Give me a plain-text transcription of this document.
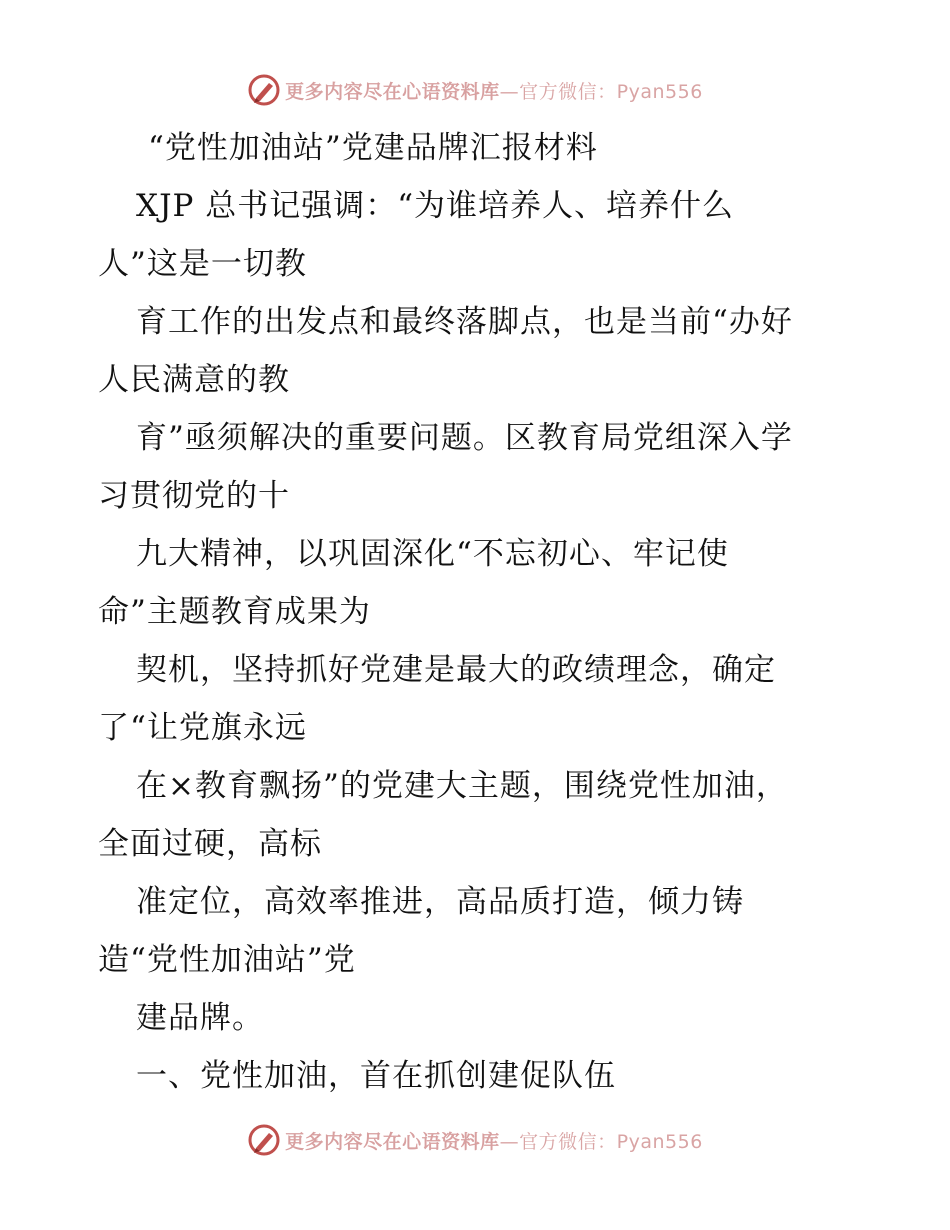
更多内容尽在心语资料库—官方微信：Pyan556
“党性加油站”党建品牌汇报材料
XJP 总书记强调：“为谁培养人、培养什么
人”这是一切教
育工作的出发点和最终落脚点，也是当前“办好
人民满意的教
育”亟须解决的重要问题。区教育局党组深入学
习贯彻党的十
九大精神，以巩固深化“不忘初心、牢记使
命”主题教育成果为
契机，坚持抓好党建是最大的政绩理念，确定
了“让党旗永远
在×教育飘扬”的党建大主题，围绕党性加油，
全面过硬，高标
准定位，高效率推进，高品质打造，倾力铸
造“党性加油站”党
建品牌。
一、党性加油，首在抓创建促队伍
更多内容尽在心语资料库—官方微信：Pyan556
